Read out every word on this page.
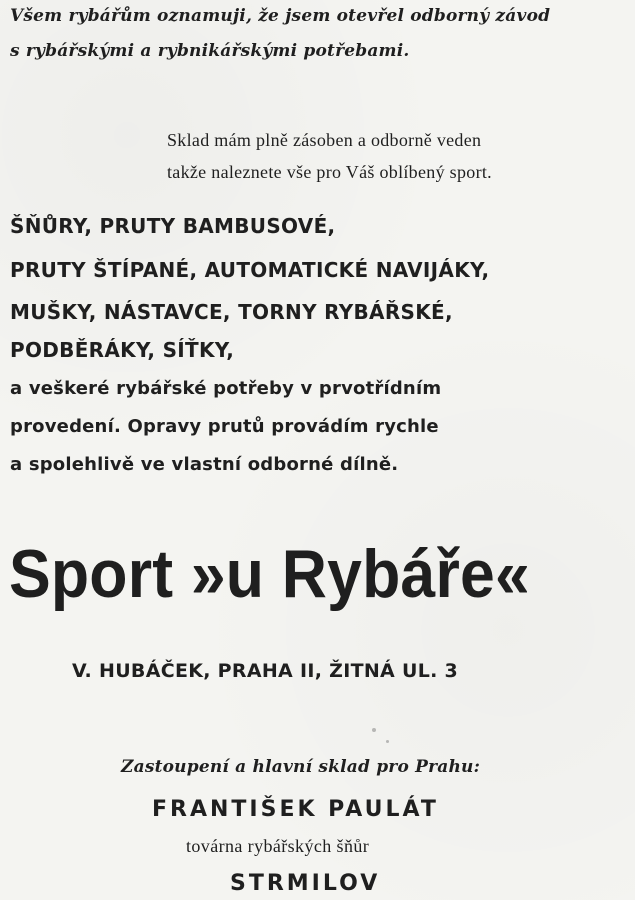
Všem rybářům oznamuji, že jsem otevřel odborný závod

s rybářskými a rybnikářskými potřebami.

Sklad mám plně zásoben a odborně veden

takže naleznete vše pro Váš oblíbený sport.

ŠŇŮRY, PRUTY BAMBUSOVÉ,

PRUTY ŠTÍPANÉ, AUTOMATICKÉ NAVIJÁKY,

MUŠKY, NÁSTAVCE, TORNY RYBÁŘSKÉ,

PODBĚRÁKY, SÍŤKY,

a veškeré rybářské potřeby v prvotřídním

provedení. Opravy prutů provádím rychle

a spolehlivě ve vlastní odborné dílně.

Sport »u Rybáře«

V. HUBÁČEK, PRAHA II, ŽITNÁ UL. 3

Zastoupení a hlavní sklad pro Prahu:

FRANTIŠEK PAULÁT

továrna rybářských šňůr

STRMILOV
